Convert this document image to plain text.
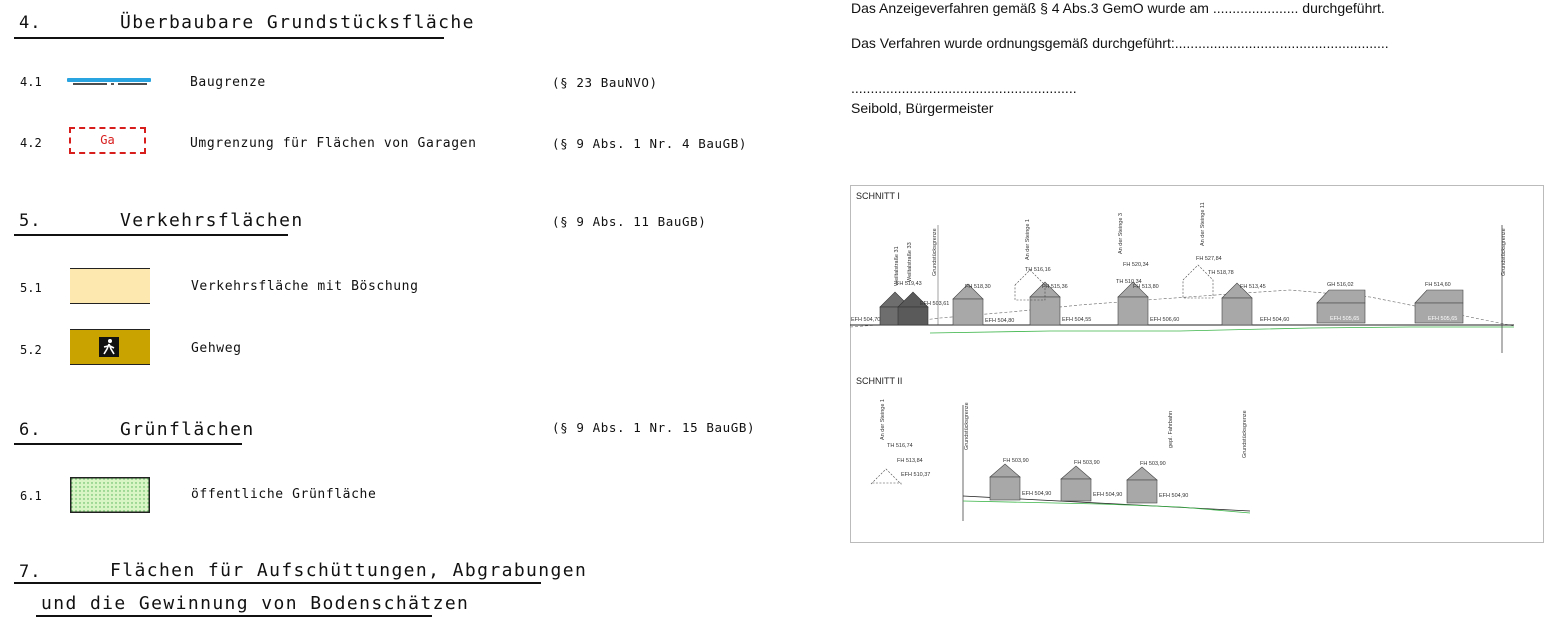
4.	Überbaubare Grundstücksfläche
4.1	Baugrenze	(§ 23 BauNVO)
4.2	Ga	Umgrenzung für Flächen von Garagen	(§ 9 Abs. 1 Nr. 4 BauGB)
5.	Verkehrsflächen	(§ 9 Abs. 11 BauGB)
5.1	Verkehrsfläche mit Böschung
5.2	Gehweg
6.	Grünflächen	(§ 9 Abs. 1 Nr. 15 BauGB)
6.1	öffentliche Grünfläche
7.	Flächen für Aufschüttungen, Abgrabungen
und die Gewinnung von Bodenschätzen
Das Anzeigeverfahren gemäß § 4 Abs.3 GemO wurde am ...................... durchgeführt.
Das Verfahren wurde ordnungsgemäß durchgeführt:.......................................................
..........................................................
Seibold, Bürgermeister
SCHNITT I
Weiltalstraße 31 Weiltalstraße 33	Grundstücksgrenze	An der Steinge 1	An der Steinge 3	An der Steinge 11
Grundstücksgrenze
FH 519,43	FH 518,30
TH 516,16
FH 515,36
FH 520,34
TH 510,34
FH 513,80
FH 527,84
TH 518,78
FH 513,45	GH 516,02	FH 514,60
EFH 504,70
EFH 503,61
EFH 504,80	EFH 504,55	EFH 506,60	EFH 504,60	EFH 505,65	EFH 505,65
SCHNITT II
An der Steinge 1	Grundstücksgrenze	gepl. Fahrbahn	Grundstücksgrenze
TH 516,74
FH 513,84
EFH 510,37
FH 503,90	FH 503,90	FH 503,90
EFH 504,90	EFH 504,90	EFH 504,90
